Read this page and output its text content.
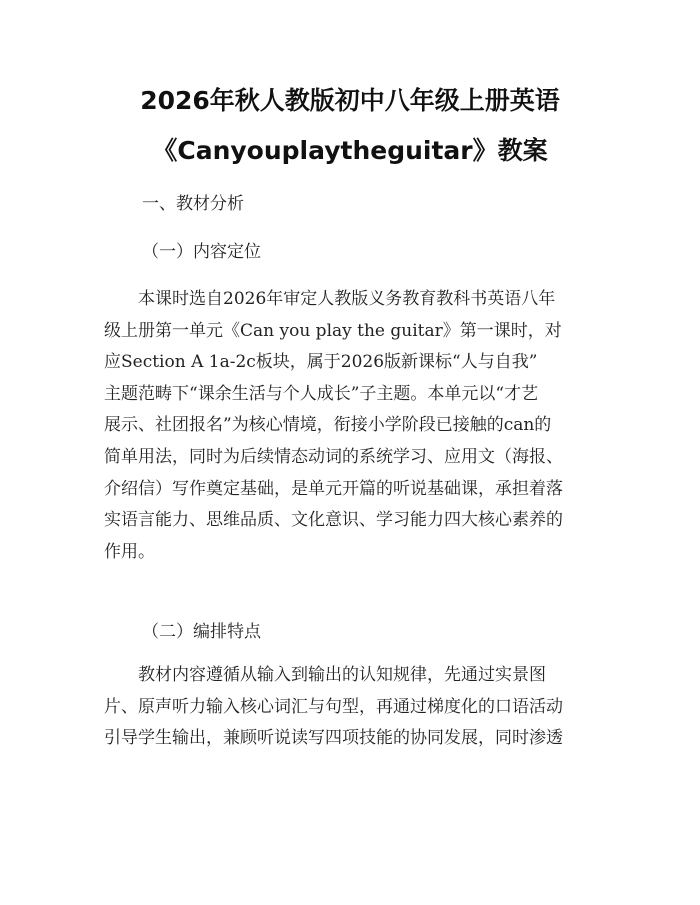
2026年秋人教版初中八年级上册英语
《Canyouplaytheguitar》教案
一、教材分析
（一）内容定位
本课时选自2026年审定人教版义务教育教科书英语八年
级上册第一单元《Can you play the guitar》第一课时，对
应Section A 1a-2c板块，属于2026版新课标“人与自我”
主题范畴下“课余生活与个人成长”子主题。本单元以“才艺
展示、社团报名”为核心情境，衔接小学阶段已接触的can的
简单用法，同时为后续情态动词的系统学习、应用文（海报、
介绍信）写作奠定基础，是单元开篇的听说基础课，承担着落
实语言能力、思维品质、文化意识、学习能力四大核心素养的
作用。
（二）编排特点
教材内容遵循从输入到输出的认知规律，先通过实景图
片、原声听力输入核心词汇与句型，再通过梯度化的口语活动
引导学生输出，兼顾听说读写四项技能的协同发展，同时渗透
